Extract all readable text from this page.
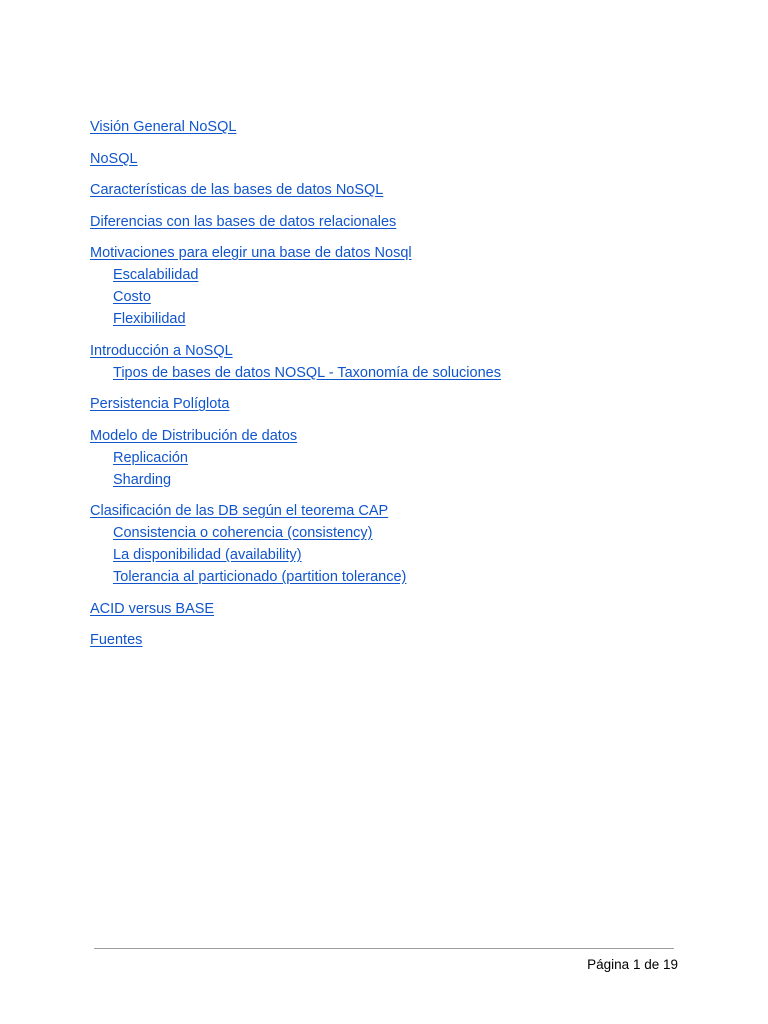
Visión General NoSQL
NoSQL
Características de las bases de datos NoSQL
Diferencias con las bases de datos relacionales
Motivaciones para elegir una base de datos Nosql
Escalabilidad
Costo
Flexibilidad
Introducción a NoSQL
Tipos de bases de datos NOSQL - Taxonomía de soluciones
Persistencia Políglota
Modelo de Distribución de datos
Replicación
Sharding
Clasificación de las DB según el teorema CAP
Consistencia o coherencia (consistency)
La disponibilidad (availability)
Tolerancia al particionado (partition tolerance)
ACID versus BASE
Fuentes
Página 1 de 19
